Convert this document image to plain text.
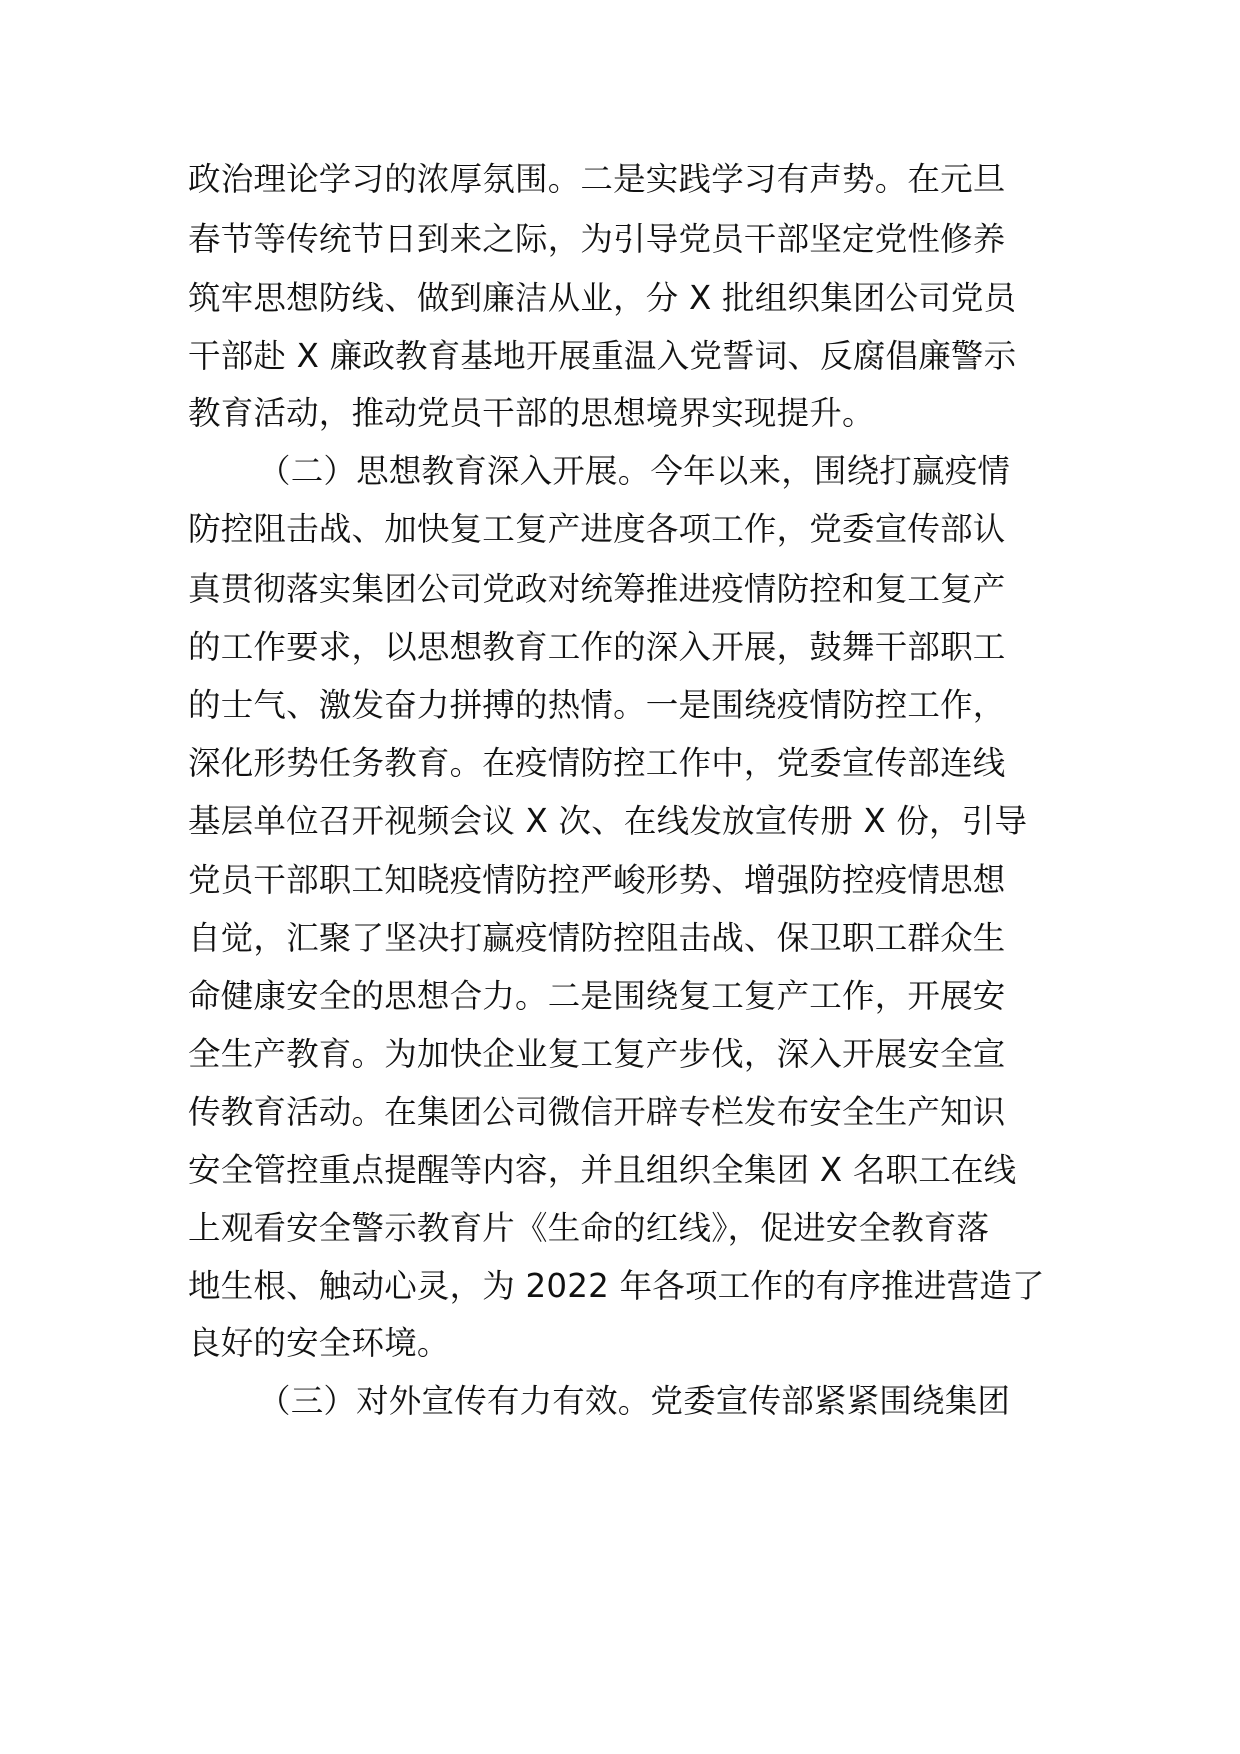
政治理论学习的浓厚氛围。二是实践学习有声势。在元旦
春节等传统节日到来之际，为引导党员干部坚定党性修养
筑牢思想防线、做到廉洁从业，分 X 批组织集团公司党员
干部赴 X 廉政教育基地开展重温入党誓词、反腐倡廉警示
教育活动，推动党员干部的思想境界实现提升。
（二）思想教育深入开展。今年以来，围绕打赢疫情
防控阻击战、加快复工复产进度各项工作，党委宣传部认
真贯彻落实集团公司党政对统筹推进疫情防控和复工复产
的工作要求，以思想教育工作的深入开展，鼓舞干部职工
的士气、激发奋力拼搏的热情。一是围绕疫情防控工作，
深化形势任务教育。在疫情防控工作中，党委宣传部连线
基层单位召开视频会议 X 次、在线发放宣传册 X 份，引导
党员干部职工知晓疫情防控严峻形势、增强防控疫情思想
自觉，汇聚了坚决打赢疫情防控阻击战、保卫职工群众生
命健康安全的思想合力。二是围绕复工复产工作，开展安
全生产教育。为加快企业复工复产步伐，深入开展安全宣
传教育活动。在集团公司微信开辟专栏发布安全生产知识
安全管控重点提醒等内容，并且组织全集团 X 名职工在线
上观看安全警示教育片《生命的红线》，促进安全教育落
地生根、触动心灵，为 2022 年各项工作的有序推进营造了
良好的安全环境。
（三）对外宣传有力有效。党委宣传部紧紧围绕集团
